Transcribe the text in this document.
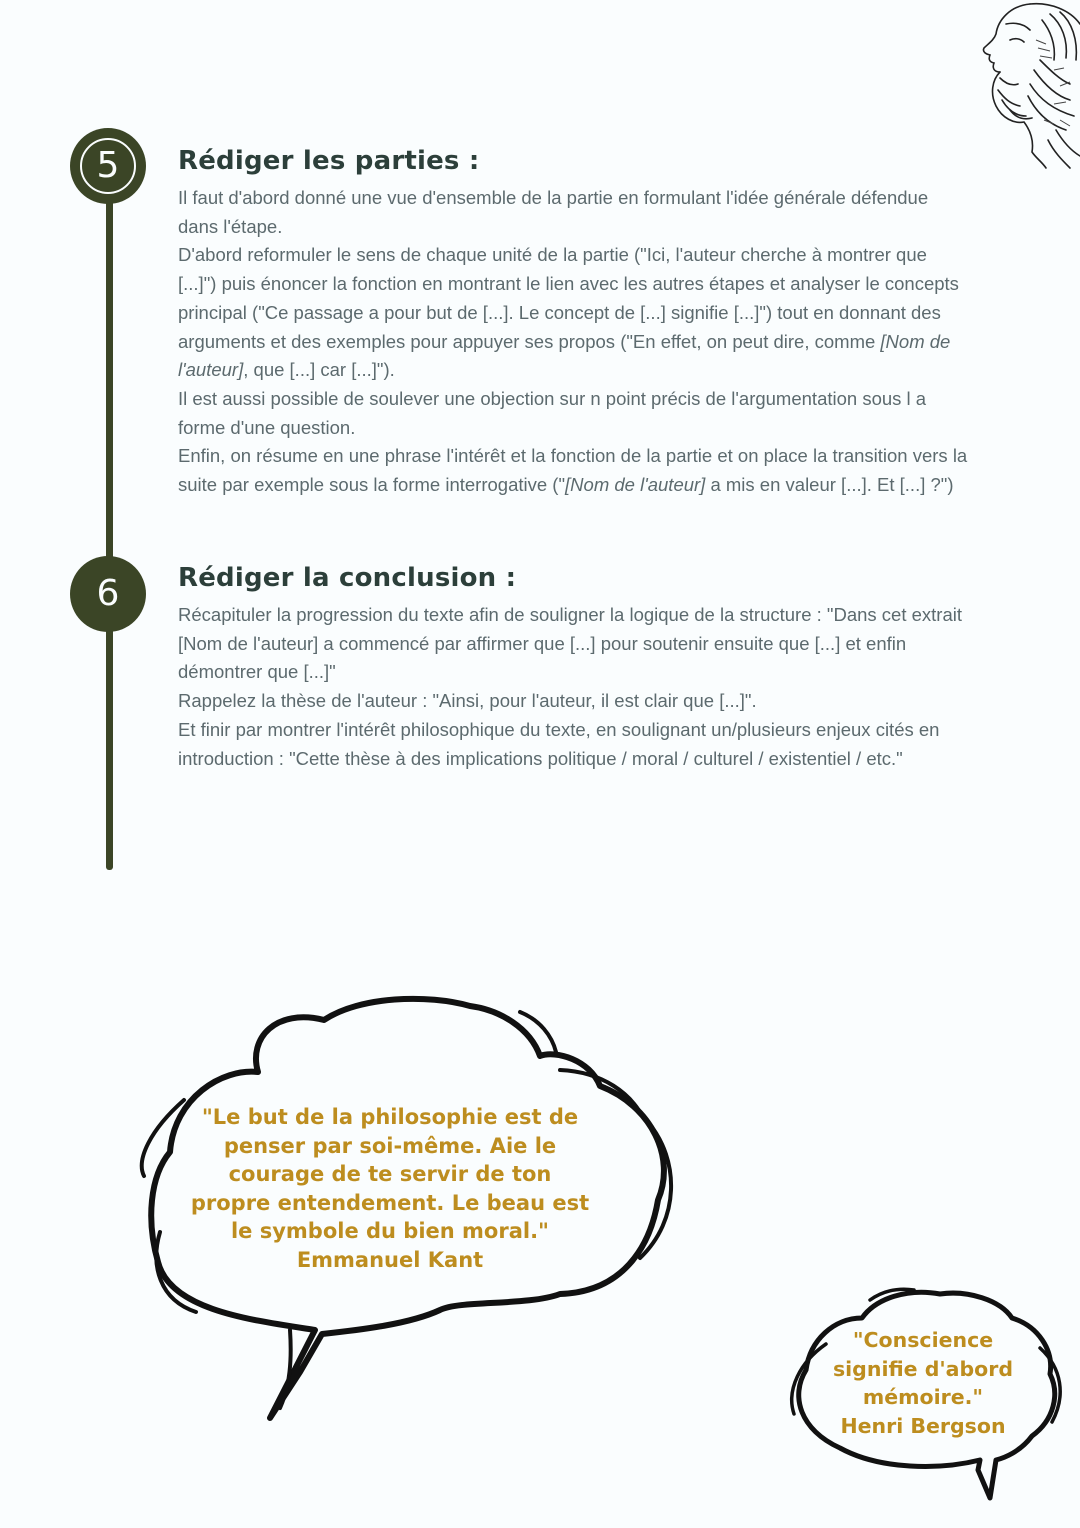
5
6
Rédiger les parties :

Il faut d'abord donné une vue d'ensemble de la partie en formulant l'idée générale défendue dans l'étape.

D'abord reformuler le sens de chaque unité de la partie ("Ici, l'auteur cherche à montrer que [...]") puis énoncer la fonction en montrant le lien avec les autres étapes et analyser le concepts principal ("Ce passage a pour but de [...]. Le concept de [...] signifie [...]") tout en donnant des arguments et des exemples pour appuyer ses propos ("En effet, on peut dire, comme [Nom de l'auteur], que [...] car [...]").

Il est aussi possible de soulever une objection sur n point précis de l'argumentation sous l a forme d'une question.

Enfin, on résume en une phrase l'intérêt et la fonction de la partie et on place la transition vers la suite par exemple sous la forme interrogative ("[Nom de l'auteur] a mis en valeur [...]. Et [...] ?")

Rédiger la conclusion :

Récapituler la progression du texte afin de souligner la logique de la structure : "Dans cet extrait [Nom de l'auteur] a commencé par affirmer que [...] pour soutenir ensuite que [...] et enfin démontrer que [...]"

Rappelez la thèse de l'auteur : "Ainsi, pour l'auteur, il est clair que [...]".

Et finir par montrer l'intérêt philosophique du texte, en soulignant un/plusieurs enjeux cités en introduction : "Cette thèse à des implications politique / moral / culturel / existentiel / etc."

"Le but de la philosophie est de penser par soi-même. Aie le courage de te servir de ton propre entendement. Le beau est le symbole du bien moral."
Emmanuel Kant
"Conscience signifie d'abord mémoire." Henri Bergson
